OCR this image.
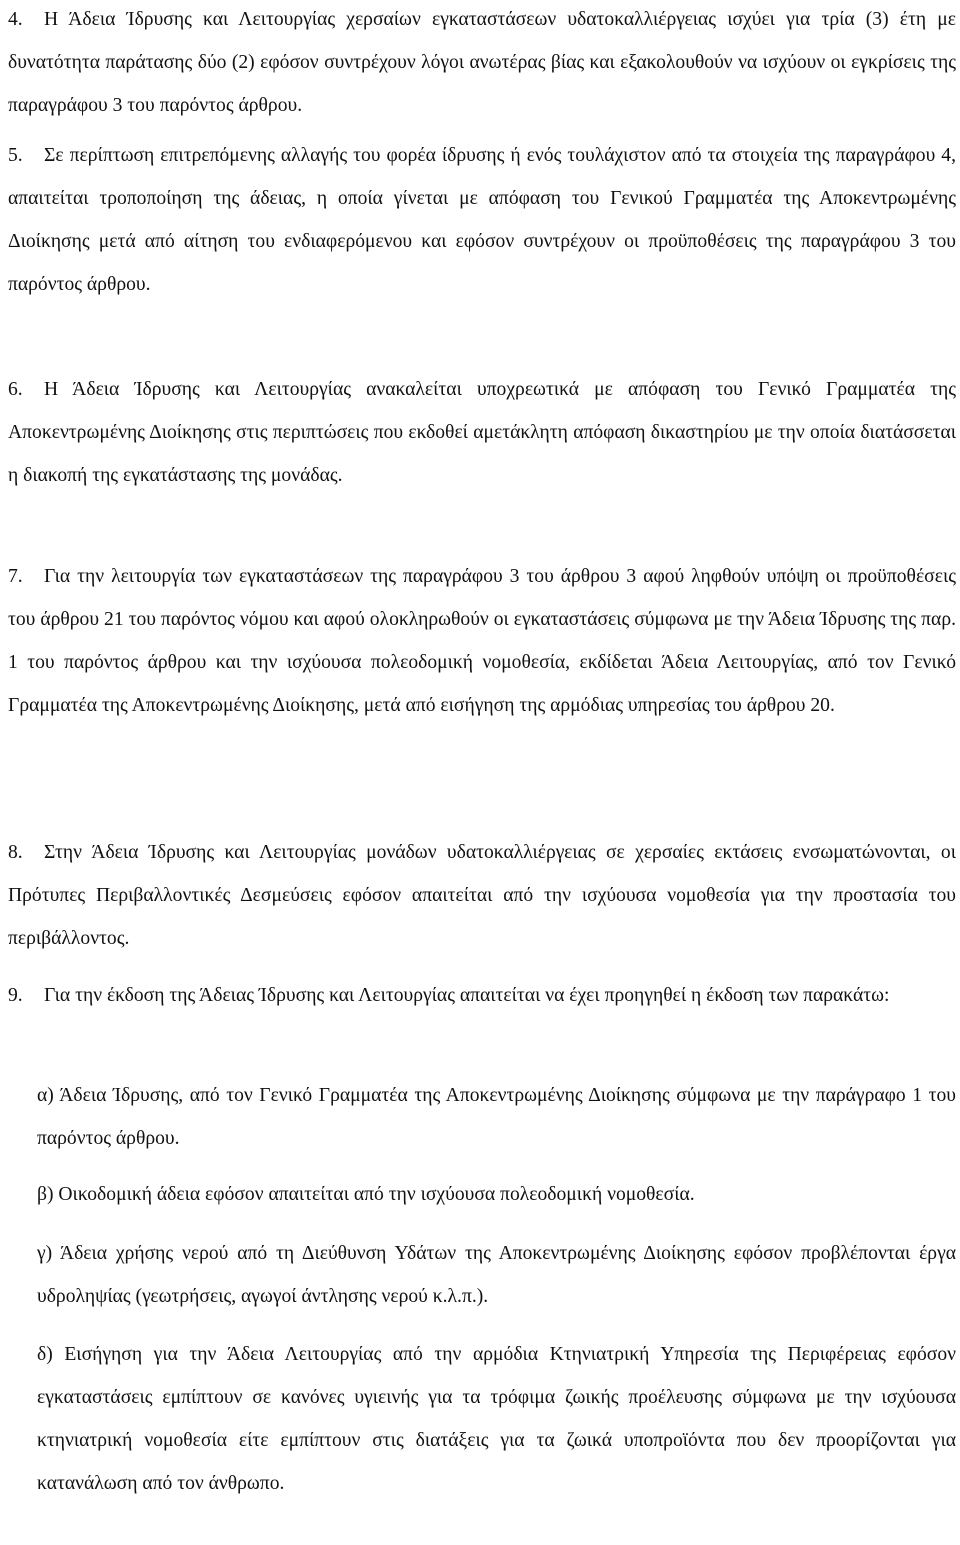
4. Η Άδεια Ίδρυσης και Λειτουργίας χερσαίων εγκαταστάσεων υδατοκαλλιέργειας ισχύει για τρία (3) έτη με δυνατότητα παράτασης δύο (2) εφόσον συντρέχουν λόγοι ανωτέρας βίας και εξακολουθούν να ισχύουν οι εγκρίσεις της παραγράφου 3 του παρόντος άρθρου.

5. Σε περίπτωση επιτρεπόμενης αλλαγής του φορέα ίδρυσης ή ενός τουλάχιστον από τα στοιχεία της παραγράφου 4, απαιτείται τροποποίηση της άδειας, η οποία γίνεται με απόφαση του Γενικού Γραμματέα της Αποκεντρωμένης Διοίκησης μετά από αίτηση του ενδιαφερόμενου και εφόσον συντρέχουν οι προϋποθέσεις της παραγράφου 3 του παρόντος άρθρου.

6. Η Άδεια Ίδρυσης και Λειτουργίας ανακαλείται υποχρεωτικά με απόφαση του Γενικό Γραμματέα της Αποκεντρωμένης Διοίκησης στις περιπτώσεις που εκδοθεί αμετάκλητη απόφαση δικαστηρίου με την οποία διατάσσεται η διακοπή της εγκατάστασης της μονάδας.

7. Για την λειτουργία των εγκαταστάσεων της παραγράφου 3 του άρθρου 3 αφού ληφθούν υπόψη οι προϋποθέσεις του άρθρου 21 του παρόντος νόμου και αφού ολοκληρωθούν οι εγκαταστάσεις σύμφωνα με την Άδεια Ίδρυσης της παρ. 1 του παρόντος άρθρου και την ισχύουσα πολεοδομική νομοθεσία, εκδίδεται Άδεια Λειτουργίας, από τον Γενικό Γραμματέα της Αποκεντρωμένης Διοίκησης, μετά από εισήγηση της αρμόδιας υπηρεσίας του άρθρου 20.

8. Στην Άδεια Ίδρυσης και Λειτουργίας μονάδων υδατοκαλλιέργειας σε χερσαίες εκτάσεις ενσωματώνονται, οι Πρότυπες Περιβαλλοντικές Δεσμεύσεις εφόσον απαιτείται από την ισχύουσα νομοθεσία για την προστασία του περιβάλλοντος.

9. Για την έκδοση της Άδειας Ίδρυσης και Λειτουργίας απαιτείται να έχει προηγηθεί η έκδοση των παρακάτω:

α) Άδεια Ίδρυσης, από τον Γενικό Γραμματέα της Αποκεντρωμένης Διοίκησης σύμφωνα με την παράγραφο 1 του παρόντος άρθρου.

β) Οικοδομική άδεια εφόσον απαιτείται από την ισχύουσα πολεοδομική νομοθεσία.

γ) Άδεια χρήσης νερού από τη Διεύθυνση Υδάτων της Αποκεντρωμένης Διοίκησης εφόσον προβλέπονται έργα υδροληψίας (γεωτρήσεις, αγωγοί άντλησης νερού κ.λ.π.).

δ) Εισήγηση για την Άδεια Λειτουργίας από την αρμόδια Κτηνιατρική Υπηρεσία της Περιφέρειας εφόσον εγκαταστάσεις εμπίπτουν σε κανόνες υγιεινής για τα τρόφιμα ζωικής προέλευσης σύμφωνα με την ισχύουσα κτηνιατρική νομοθεσία είτε εμπίπτουν στις διατάξεις για τα ζωικά υποπροϊόντα που δεν προορίζονται για κατανάλωση από τον άνθρωπο.
